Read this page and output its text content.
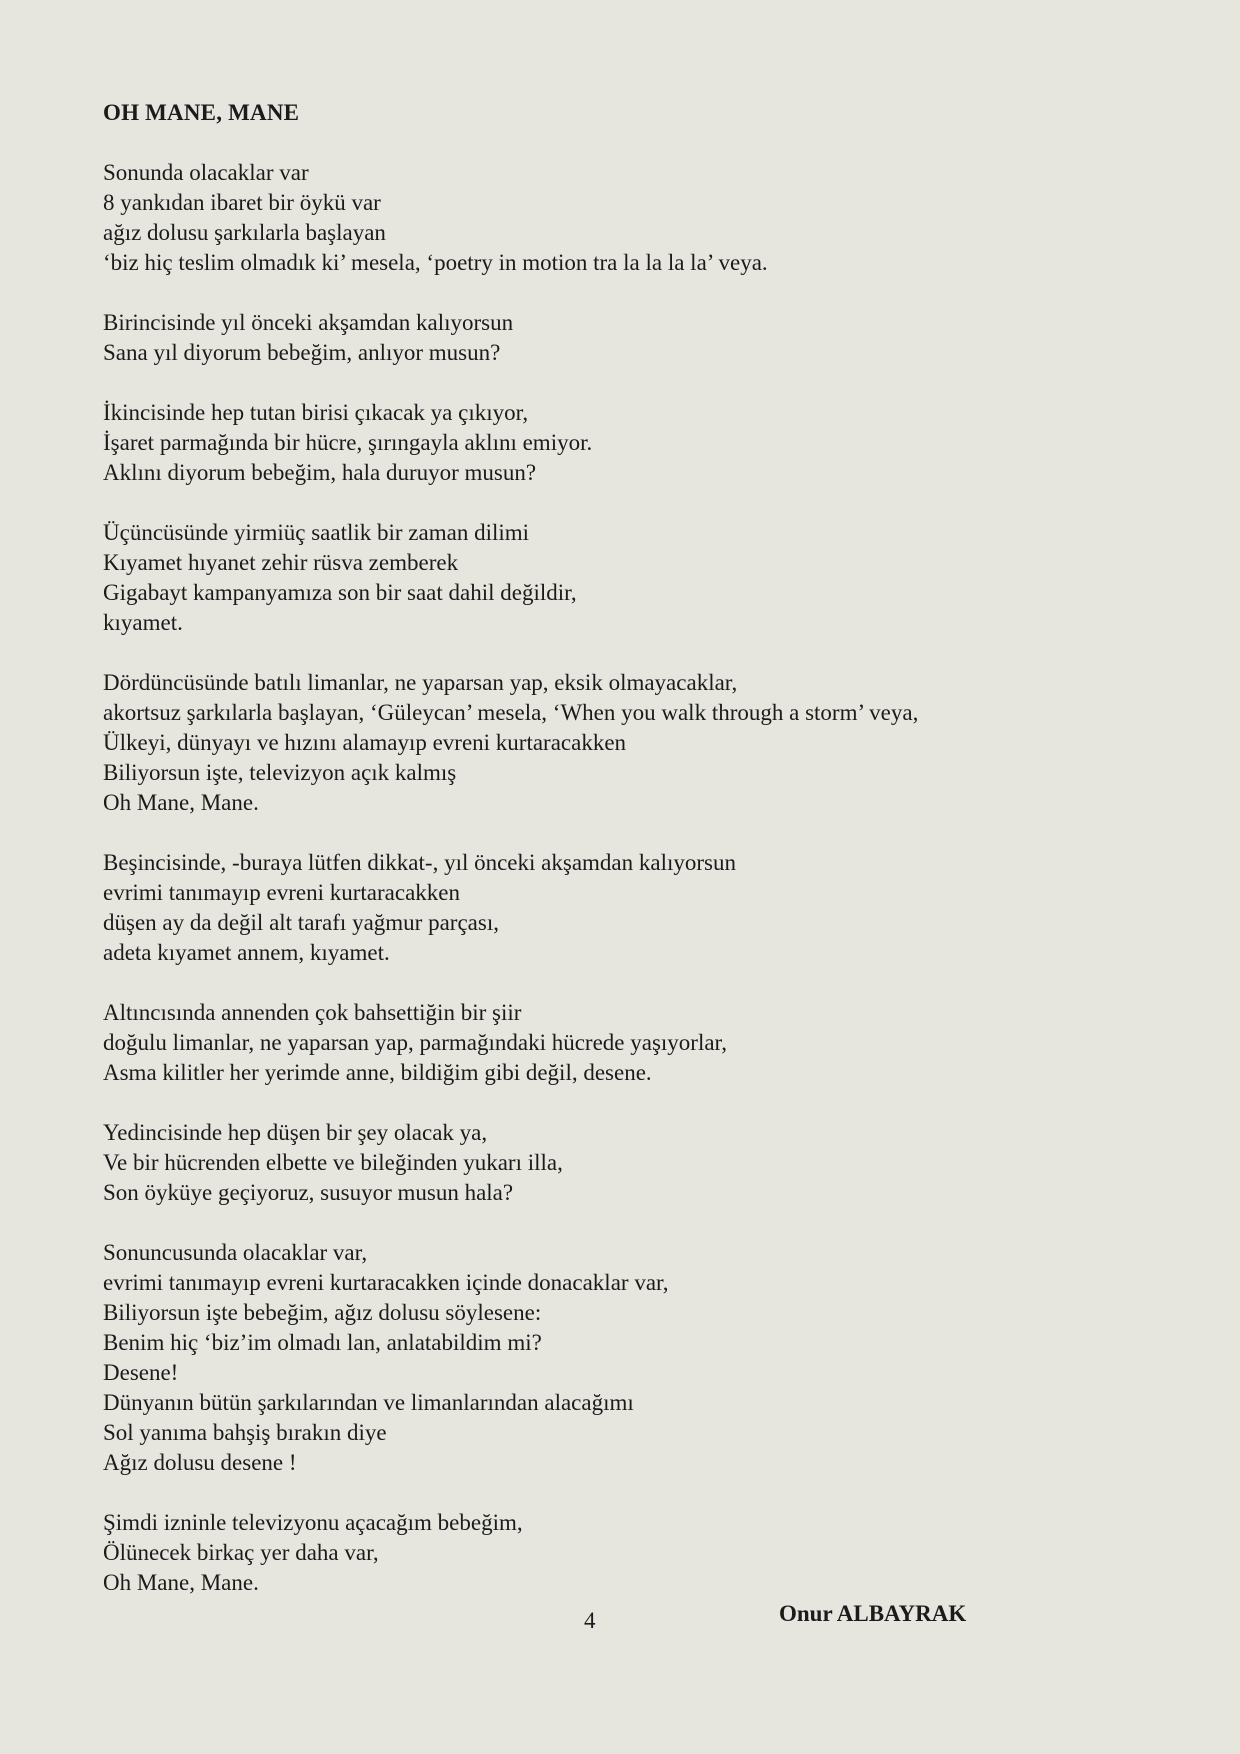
OH MANE, MANE
Sonunda olacaklar var
8 yankıdan ibaret bir öykü var
ağız dolusu şarkılarla başlayan
‘biz hiç teslim olmadık ki’ mesela, ‘poetry in motion tra la la la la’ veya.
Birincisinde yıl önceki akşamdan kalıyorsun
Sana yıl diyorum bebeğim, anlıyor musun?
İkincisinde hep tutan birisi çıkacak ya çıkıyor,
İşaret parmağında bir hücre, şırıngayla aklını emiyor.
Aklını diyorum bebeğim, hala duruyor musun?
Üçüncüsünde yirmiüç saatlik bir zaman dilimi
Kıyamet hıyanet zehir rüsva zemberek
Gigabayt kampanyamıza son bir saat dahil değildir,
kıyamet.
Dördüncüsünde batılı limanlar, ne yaparsan yap, eksik olmayacaklar,
akortsuz şarkılarla başlayan, ‘Güleycan’ mesela, ‘When you walk through a storm’ veya,
Ülkeyi, dünyayı ve hızını alamayıp evreni kurtaracakken
Biliyorsun işte, televizyon açık kalmış
Oh Mane, Mane.
Beşincisinde, -buraya lütfen dikkat-, yıl önceki akşamdan kalıyorsun
evrimi tanımayıp evreni kurtaracakken
düşen ay da değil alt tarafı yağmur parçası,
adeta kıyamet annem, kıyamet.
Altıncısında annenden çok bahsettiğin bir şiir
doğulu limanlar, ne yaparsan yap, parmağındaki hücrede yaşıyorlar,
Asma kilitler her yerimde anne, bildiğim gibi değil, desene.
Yedincisinde hep düşen bir şey olacak ya,
Ve bir hücrenden elbette ve bileğinden yukarı illa,
Son öyküye geçiyoruz, susuyor musun hala?
Sonuncusunda olacaklar var,
evrimi tanımayıp evreni kurtaracakken içinde donacaklar var,
Biliyorsun işte bebeğim, ağız dolusu söylesene:
Benim hiç ‘biz’im olmadı lan, anlatabildim mi?
Desene!
Dünyanın bütün şarkılarından ve limanlarından alacağımı
Sol yanıma bahşiş bırakın diye
Ağız dolusu desene !
Şimdi izninle televizyonu açacağım bebeğim,
Ölünecek birkaç yer daha var,
Oh Mane, Mane.
4	Onur ALBAYRAK
